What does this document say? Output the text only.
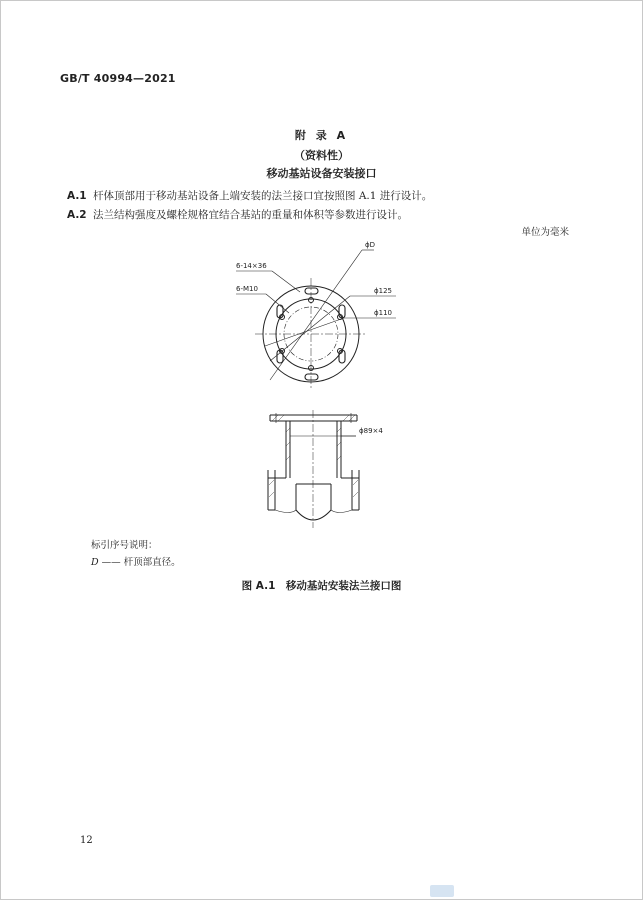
GB/T 40994—2021
附 录 A
（资料性）
移动基站设备安装接口
A.1 杆体顶部用于移动基站设备上端安装的法兰接口宜按照图 A.1 进行设计。
A.2 法兰结构强度及螺栓规格宜结合基站的重量和体积等参数进行设计。
单位为毫米
6-14×36
6-M10
ϕD
ϕ125
ϕ110
ϕ89×4
标引序号说明：
D —— 杆顶部直径。
图 A.1　移动基站安装法兰接口图
12
